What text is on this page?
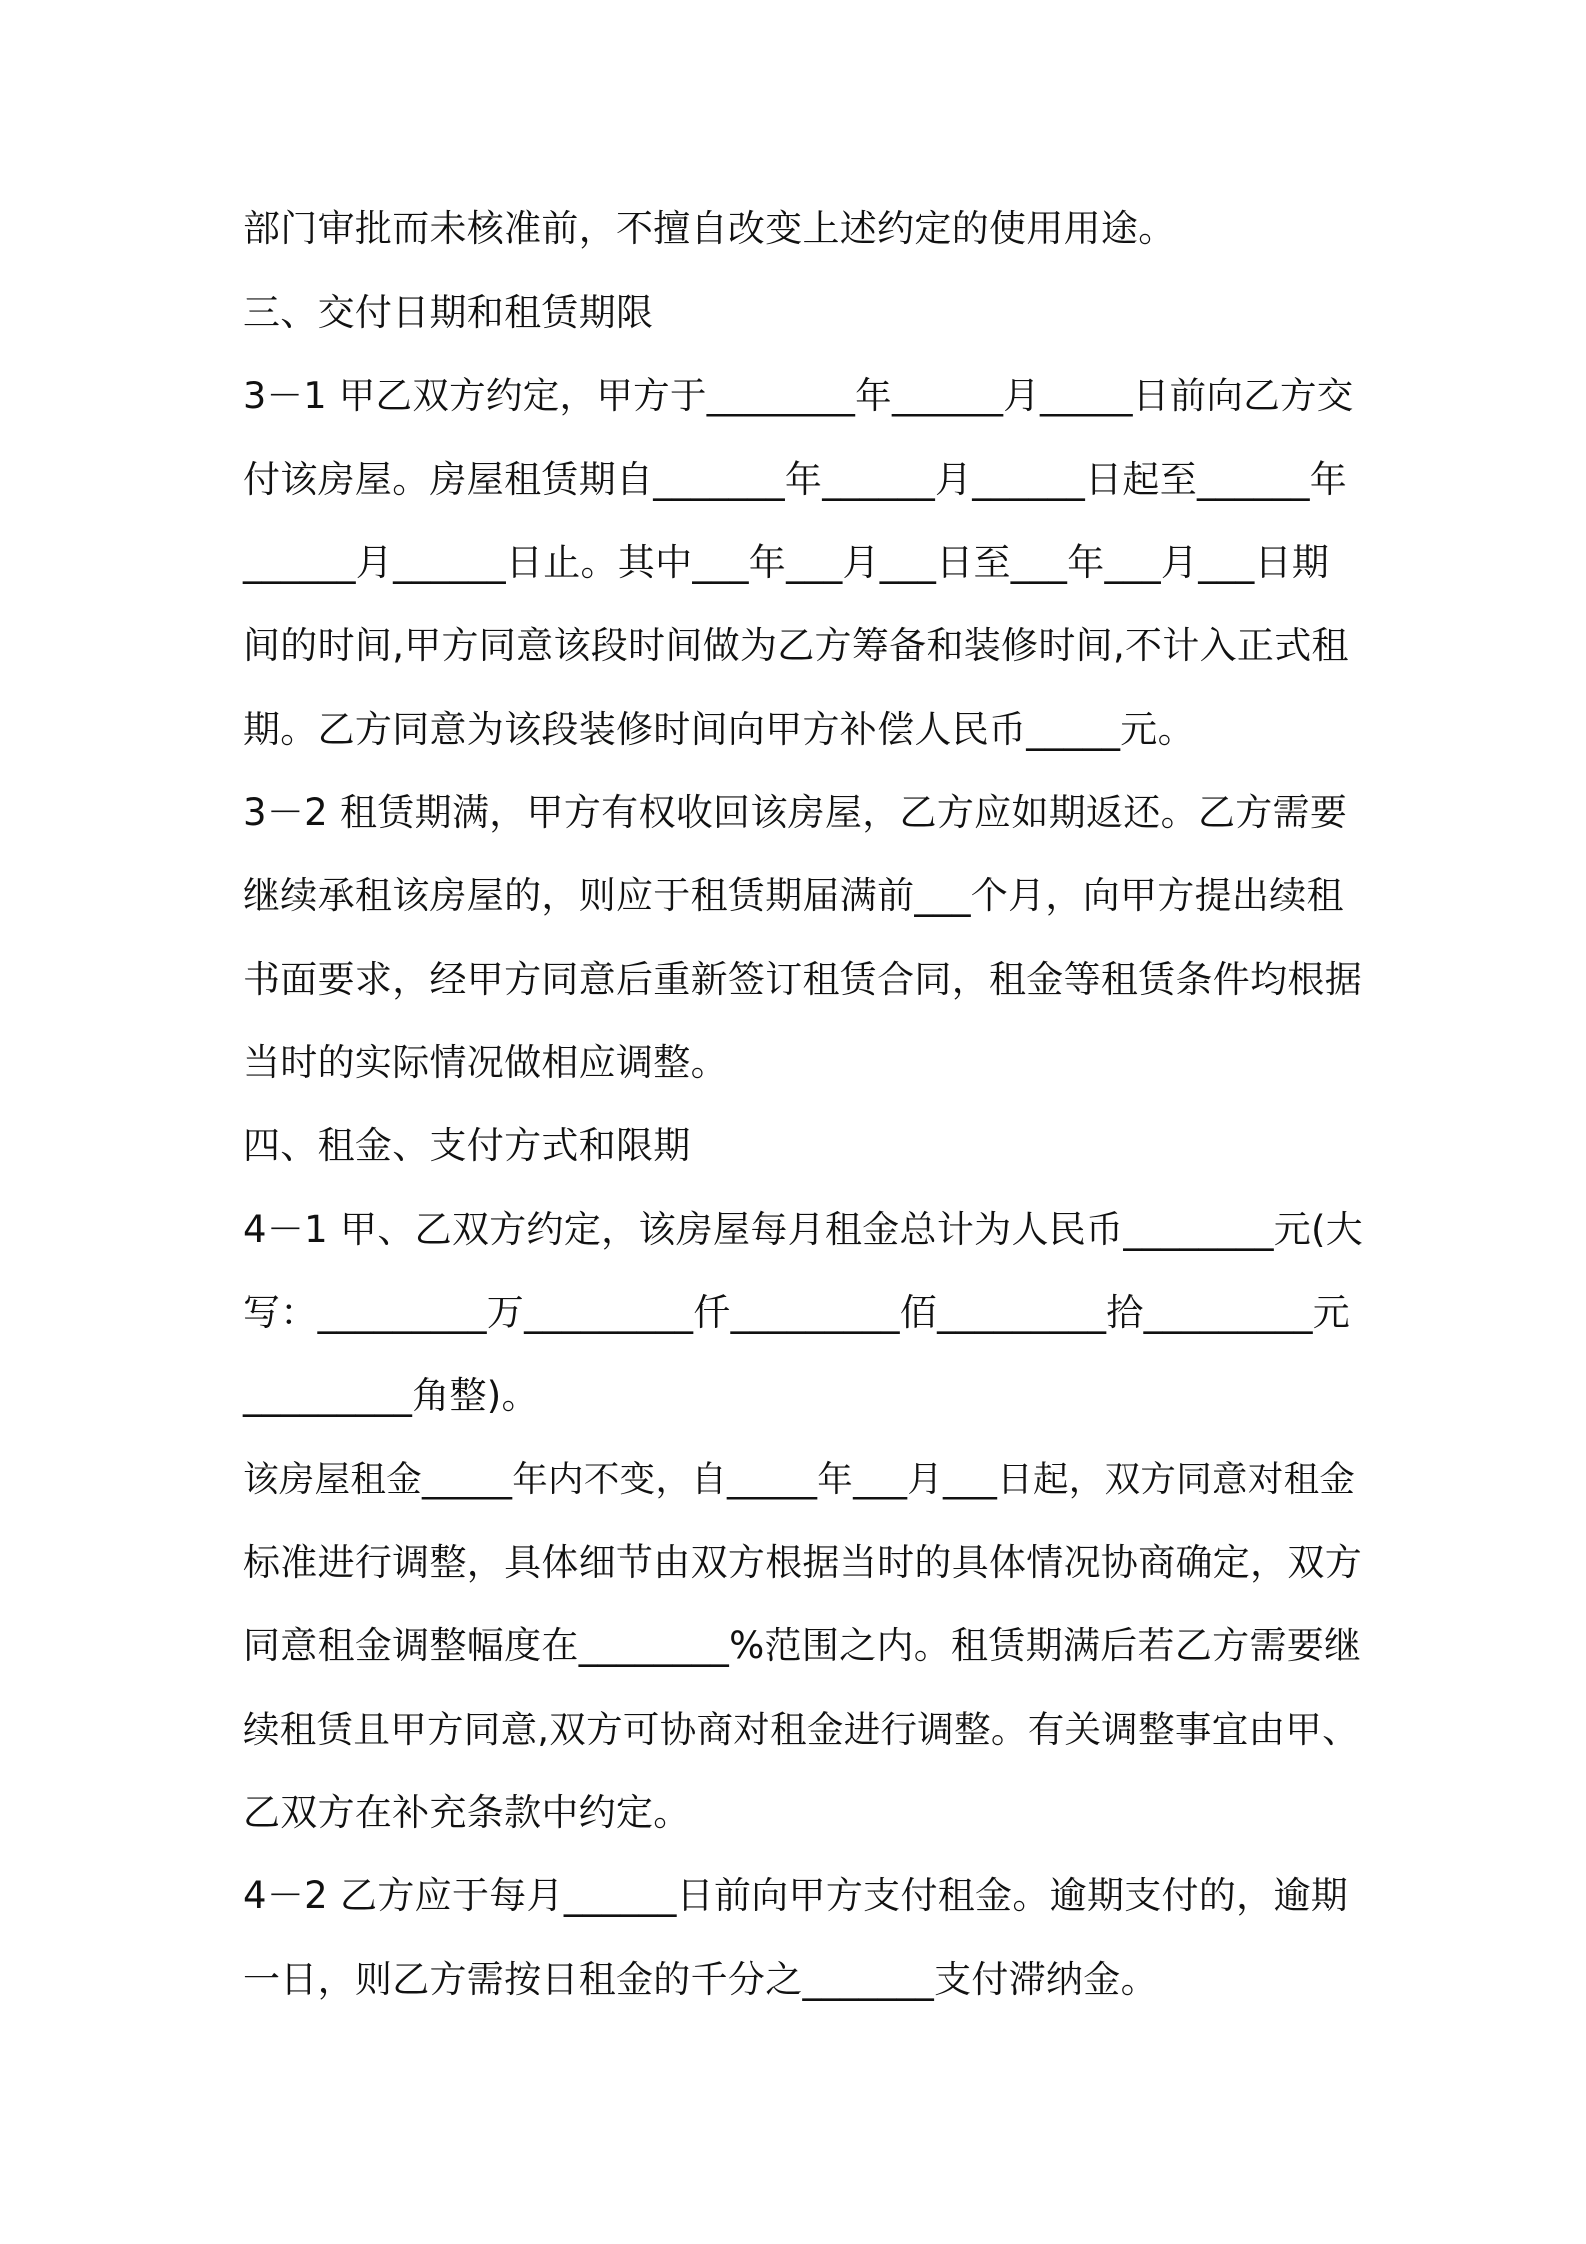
部门审批而未核准前，不擅自改变上述约定的使用用途。
三、交付日期和租赁期限
3－1 甲乙双方约定，甲方于________年______月_____日前向乙方交
付该房屋。房屋租赁期自_______年______月______日起至______年
______月______日止。其中___年___月___日至___年___月___日期
间的时间,甲方同意该段时间做为乙方筹备和装修时间,不计入正式租
期。乙方同意为该段装修时间向甲方补偿人民币_____元。
3－2 租赁期满，甲方有权收回该房屋，乙方应如期返还。乙方需要
继续承租该房屋的，则应于租赁期届满前___个月，向甲方提出续租
书面要求，经甲方同意后重新签订租赁合同，租金等租赁条件均根据
当时的实际情况做相应调整。
四、租金、支付方式和限期
4－1 甲、乙双方约定，该房屋每月租金总计为人民币________元(大
写：_________万_________仟_________佰_________拾_________元
_________角整)。
该房屋租金_____年内不变，自_____年___月___日起，双方同意对租金
标准进行调整，具体细节由双方根据当时的具体情况协商确定，双方
同意租金调整幅度在________%范围之内。租赁期满后若乙方需要继
续租赁且甲方同意,双方可协商对租金进行调整。有关调整事宜由甲、
乙双方在补充条款中约定。
4－2 乙方应于每月______日前向甲方支付租金。逾期支付的，逾期
一日，则乙方需按日租金的千分之_______支付滞纳金。
